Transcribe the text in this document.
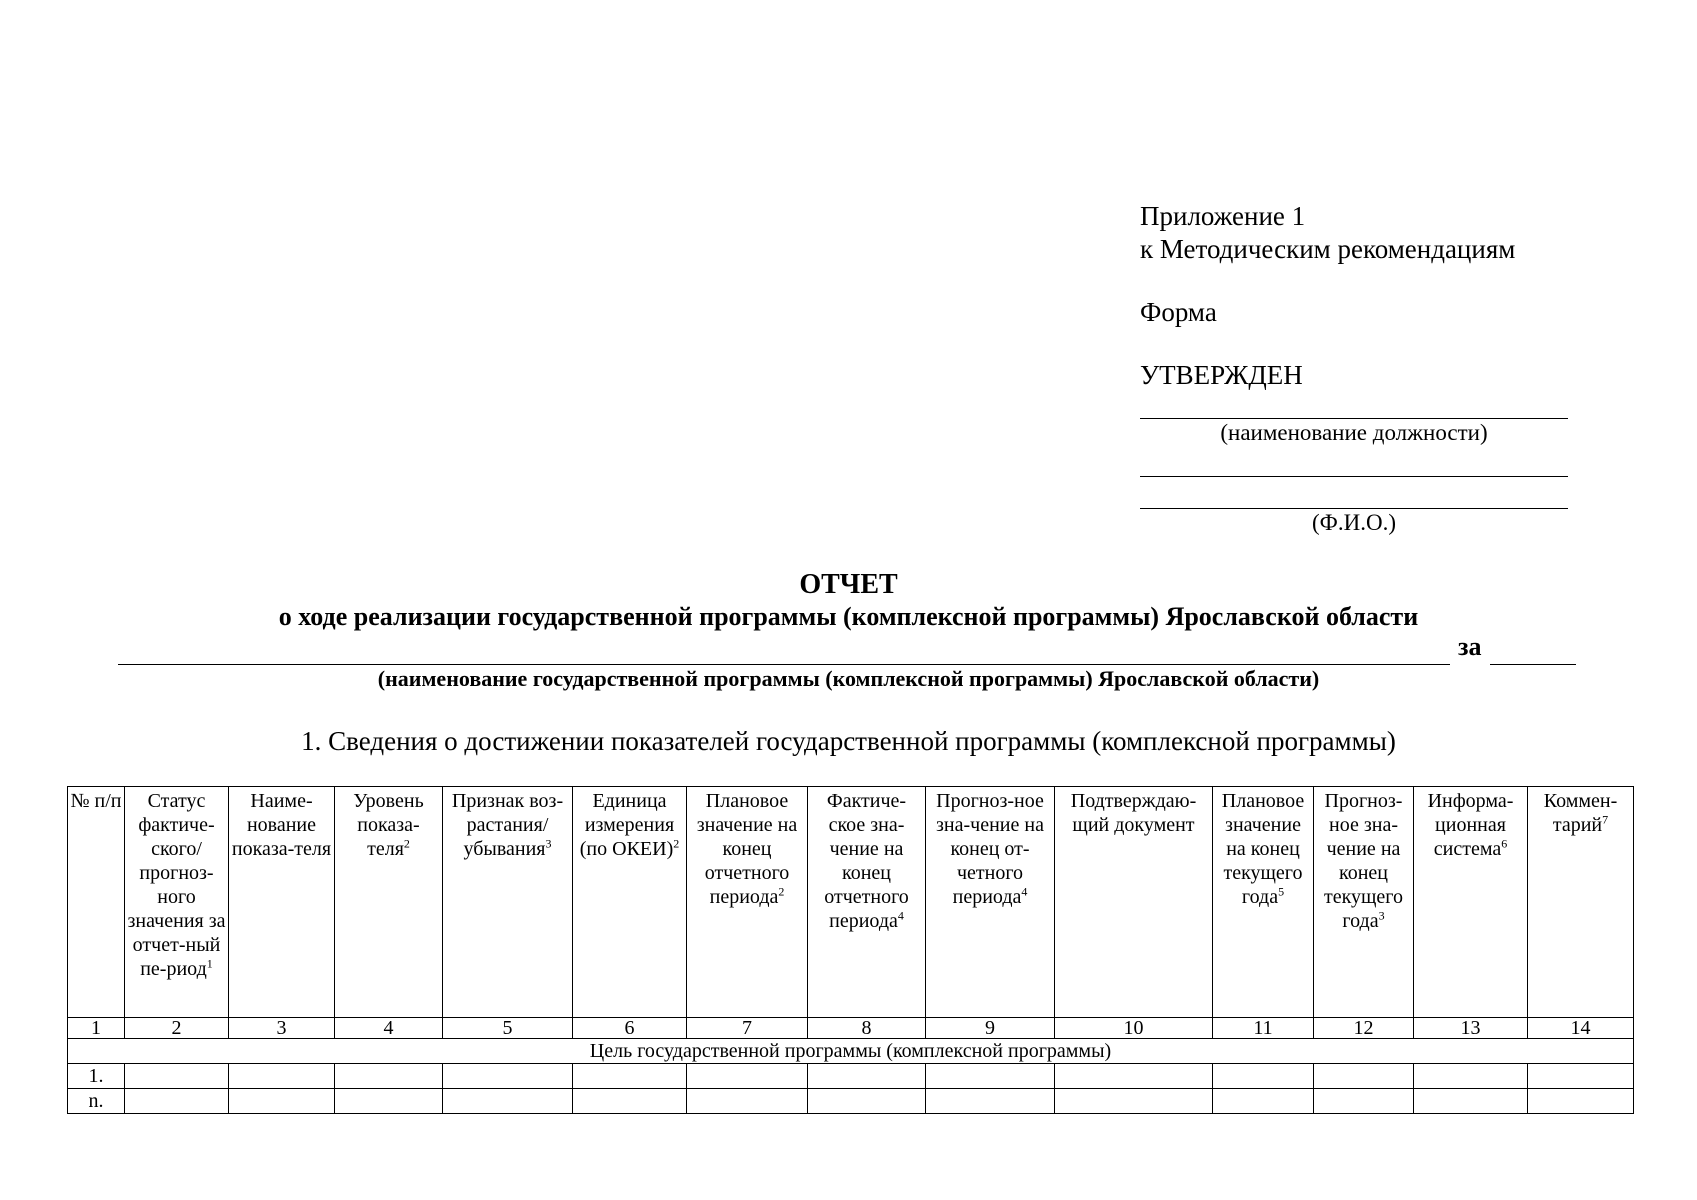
Приложение 1
к Методическим рекомендациям
Форма
УТВЕРЖДЕН
(наименование должности)
(Ф.И.О.)
ОТЧЕТ
о ходе реализации государственной программы (комплексной программы) Ярославской области
за
(наименование государственной программы (комплексной программы) Ярославской области)
1. Сведения о достижении показателей государственной программы (комплексной программы)
№ п/п	Статус фактиче-ского/ прогноз-ного значения за отчет-ный пе-риод$^1$	Наиме-нование показа-теля	Уровень показа-теля$^2$	Признак воз-растания/ убывания$^3$	Единица измерения (по ОКЕИ)$^2$	Плановое значение на конец отчетного периода$^2$	Фактиче-ское зна-чение на конец отчетного периода$^4$	Прогноз-ное зна-чение на конец от-четного периода$^4$	Подтверждаю-щий документ	Плановое значение на конец текущего года$^5$	Прогноз-ное зна-чение на конец текущего года$^3$	Информа-ционная система$^6$	Коммен-тарий$^7$
1	2	3	4	5	6	7	8	9	10	11	12	13	14
Цель государственной программы (комплексной программы)													
1.													
n.													
